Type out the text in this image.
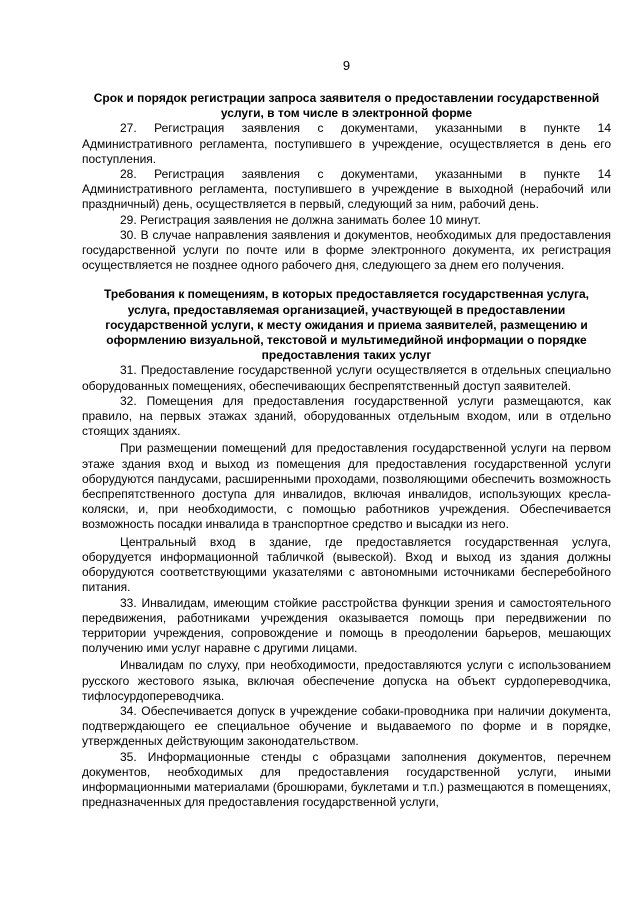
9
Срок и порядок регистрации запроса заявителя о предоставлении государственной услуги, в том числе в электронной форме

27. Регистрация заявления с документами, указанными в пункте 14 Административного регламента, поступившего в учреждение, осуществляется в день его поступления.

28. Регистрация заявления с документами, указанными в пункте 14 Административного регламента, поступившего в учреждение в выходной (нерабочий или праздничный) день, осуществляется в первый, следующий за ним, рабочий день.

29. Регистрация заявления не должна занимать более 10 минут.

30. В случае направления заявления и документов, необходимых для предоставления государственной услуги по почте или в форме электронного документа, их регистрация осуществляется не позднее одного рабочего дня, следующего за днем его получения.

Требования к помещениям, в которых предоставляется государственная услуга, услуга, предоставляемая организацией, участвующей в предоставлении государственной услуги, к месту ожидания и приема заявителей, размещению и оформлению визуальной, текстовой и мультимедийной информации о порядке предоставления таких услуг

31. Предоставление государственной услуги осуществляется в отдельных специально оборудованных помещениях, обеспечивающих беспрепятственный доступ заявителей.

32. Помещения для предоставления государственной услуги размещаются, как правило, на первых этажах зданий, оборудованных отдельным входом, или в отдельно стоящих зданиях.

При размещении помещений для предоставления государственной услуги на первом этаже здания вход и выход из помещения для предоставления государственной услуги оборудуются пандусами, расширенными проходами, позволяющими обеспечить возможность беспрепятственного доступа для инвалидов, включая инвалидов, использующих кресла-коляски, и, при необходимости, с помощью работников учреждения. Обеспечивается возможность посадки инвалида в транспортное средство и высадки из него.

Центральный вход в здание, где предоставляется государственная услуга, оборудуется информационной табличкой (вывеской). Вход и выход из здания должны оборудуются соответствующими указателями с автономными источниками бесперебойного питания.

33. Инвалидам, имеющим стойкие расстройства функции зрения и самостоятельного передвижения, работниками учреждения оказывается помощь при передвижении по территории учреждения, сопровождение и помощь в преодолении барьеров, мешающих получению ими услуг наравне с другими лицами.

Инвалидам по слуху, при необходимости, предоставляются услуги с использованием русского жестового языка, включая обеспечение допуска на объект сурдопереводчика, тифлосурдопереводчика.

34. Обеспечивается допуск в учреждение собаки-проводника при наличии документа, подтверждающего ее специальное обучение и выдаваемого по форме и в порядке, утвержденных действующим законодательством.

35. Информационные стенды с образцами заполнения документов, перечнем документов, необходимых для предоставления государственной услуги, иными информационными материалами (брошюрами, буклетами и т.п.) размещаются в помещениях, предназначенных для предоставления государственной услуги,
